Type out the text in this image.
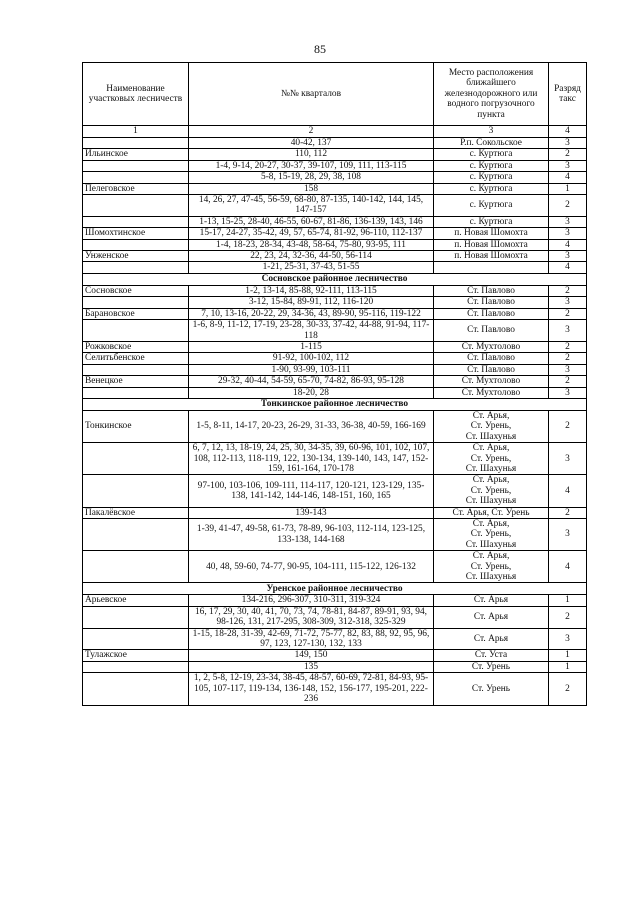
85
Наименование участковых лесничеств	№№ кварталов	Место расположения ближайшего железнодорожного или водного погрузочного пункта	Разряд такс
1	2	3	4
	40-42, 137	Р.п. Сокольское	3
Ильинское	110, 112	с. Куртюга	2
	1-4, 9-14, 20-27, 30-37, 39-107, 109, 111, 113-115	с. Куртюга	3
	5-8, 15-19, 28, 29, 38, 108	с. Куртюга	4
Пелеговское	158	с. Куртюга	1
	14, 26, 27, 47-45, 56-59, 68-80, 87-135, 140-142, 144, 145, 147-157	с. Куртюга	2
	1-13, 15-25, 28-40, 46-55, 60-67, 81-86, 136-139, 143, 146	с. Куртюга	3
Шомохтинское	15-17, 24-27, 35-42, 49, 57, 65-74, 81-92, 96-110, 112-137	п. Новая Шомохта	3
	1-4, 18-23, 28-34, 43-48, 58-64, 75-80, 93-95, 111	п. Новая Шомохта	4
Унженское	22, 23, 24, 32-36, 44-50, 56-114	п. Новая Шомохта	3
	1-21, 25-31, 37-43, 51-55		4
Сосновское районное лесничество			
Сосновское	1-2, 13-14, 85-88, 92-111, 113-115	Ст. Павлово	2
	3-12, 15-84, 89-91, 112, 116-120	Ст. Павлово	3
Барановское	7, 10, 13-16, 20-22, 29, 34-36, 43, 89-90, 95-116, 119-122	Ст. Павлово	2
	1-6, 8-9, 11-12, 17-19, 23-28, 30-33, 37-42, 44-88, 91-94, 117-118	Ст. Павлово	3
Рожковское	1-115	Ст. Мухтолово	2
Селитьбенское	91-92, 100-102, 112	Ст. Павлово	2
	1-90, 93-99, 103-111	Ст. Павлово	3
Венецкое	29-32, 40-44, 54-59, 65-70, 74-82, 86-93, 95-128	Ст. Мухтолово	2
	18-20, 28	Ст. Мухтолово	3
Тонкинское районное лесничество			
Тонкинское	1-5, 8-11, 14-17, 20-23, 26-29, 31-33, 36-38, 40-59, 166-169	Ст. Арья,
Ст. Урень,
Ст. Шахунья	2
	6, 7, 12, 13, 18-19, 24, 25, 30, 34-35, 39, 60-96, 101, 102, 107, 108, 112-113, 118-119, 122, 130-134, 139-140, 143, 147, 152-159, 161-164, 170-178	Ст. Арья,
Ст. Урень,
Ст. Шахунья	3
	97-100, 103-106, 109-111, 114-117, 120-121, 123-129, 135-138, 141-142, 144-146, 148-151, 160, 165	Ст. Арья,
Ст. Урень,
Ст. Шахунья	4
Пакалёвское	139-143	Ст. Арья, Ст. Урень	2
	1-39, 41-47, 49-58, 61-73, 78-89, 96-103, 112-114, 123-125, 133-138, 144-168	Ст. Арья,
Ст. Урень,
Ст. Шахунья	3
	40, 48, 59-60, 74-77, 90-95, 104-111, 115-122, 126-132	Ст. Арья,
Ст. Урень,
Ст. Шахунья	4
Уренское районное лесничество			
Арьевское	134-216, 296-307, 310-311, 319-324	Ст. Арья	1
	16, 17, 29, 30, 40, 41, 70, 73, 74, 78-81, 84-87, 89-91, 93, 94, 98-126, 131, 217-295, 308-309, 312-318, 325-329	Ст. Арья	2
	1-15, 18-28, 31-39, 42-69, 71-72, 75-77, 82, 83, 88, 92, 95, 96, 97, 123, 127-130, 132, 133	Ст. Арья	3
Тулажское	149, 150	Ст. Уста	1
	135	Ст. Урень	1
	1, 2, 5-8, 12-19, 23-34, 38-45, 48-57, 60-69, 72-81, 84-93, 95-105, 107-117, 119-134, 136-148, 152, 156-177, 195-201, 222-236	Ст. Урень	2
